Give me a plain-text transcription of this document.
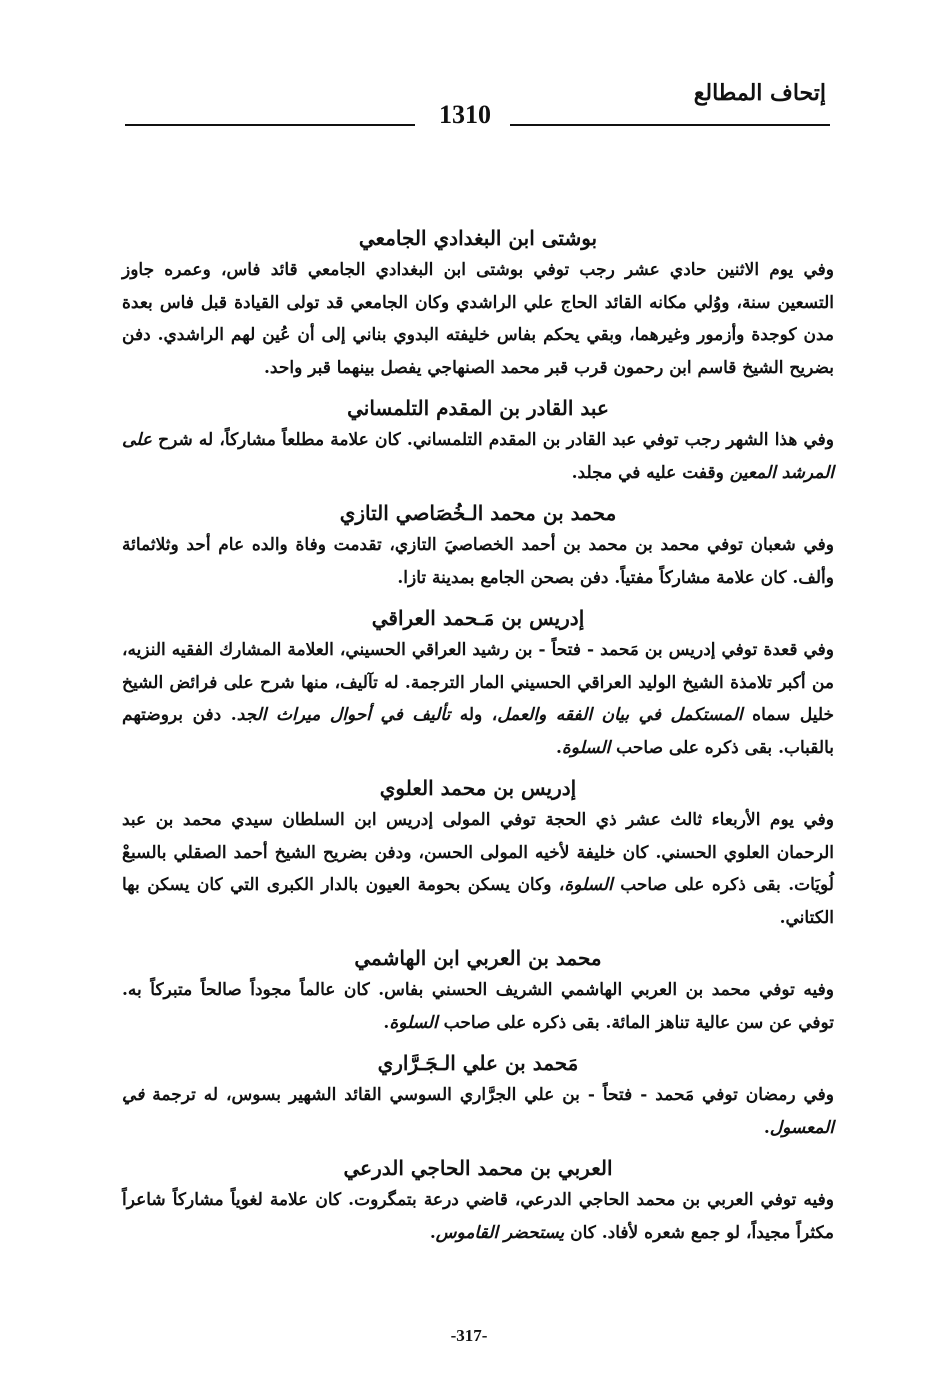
إتحاف المطالع
1310
بوشتى ابن البغدادي الجامعي

وفي يوم الاثنين حادي عشر رجب توفي بوشتى ابن البغدادي الجامعي قائد فاس، وعمره جاوز التسعين سنة، ووُلي مكانه القائد الحاج علي الراشدي وكان الجامعي قد تولى القيادة قبل فاس بعدة مدن كوجدة وأزمور وغيرهما، وبقي يحكم بفاس خليفته البدوي بناني إلى أن عُين لهم الراشدي. دفن بضريح الشيخ قاسم ابن رحمون قرب قبر محمد الصنهاجي يفصل بينهما قبر واحد.

عبد القادر بن المقدم التلمساني

وفي هذا الشهر رجب توفي عبد القادر بن المقدم التلمساني. كان علامة مطلعاً مشاركاً، له شرح على المرشد المعين وقفت عليه في مجلد.

محمد بن محمد الـخُصَاصي التازي

وفي شعبان توفي محمد بن محمد بن أحمد الخصاصيَ التازي، تقدمت وفاة والده عام أحد وثلاثمائة وألف. كان علامة مشاركاً مفتياً. دفن بصحن الجامع بمدينة تازا.

إدريس بن مَـحمد العراقي

وفي قعدة توفي إدريس بن مَحمد - فتحاً - بن رشيد العراقي الحسيني، العلامة المشارك الفقيه النزيه، من أكبر تلامذة الشيخ الوليد العراقي الحسيني المار الترجمة. له تآليف، منها شرح على فرائض الشيخ خليل سماه المستكمل في بيان الفقه والعمل، وله تأليف في أحوال ميراث الجد. دفن بروضتهم بالقباب. بقى ذكره على صاحب السلوة.

إدريس بن محمد العلوي

وفي يوم الأربعاء ثالث عشر ذي الحجة توفي المولى إدريس ابن السلطان سيدي محمد بن عبد الرحمان العلوي الحسني. كان خليفة لأخيه المولى الحسن، ودفن بضريح الشيخ أحمد الصقلي بالسبعْ لُويَات. بقى ذكره على صاحب السلوة، وكان يسكن بحومة العيون بالدار الكبرى التي كان يسكن بها الكتاني.

محمد بن العربي ابن الهاشمي

وفيه توفي محمد بن العربي الهاشمي الشريف الحسني بفاس. كان عالماً مجوداً صالحاً متبركاً به. توفي عن سن عالية تناهز المائة. بقى ذكره على صاحب السلوة.

مَحمد بن علي الـجَـرَّاري

وفي رمضان توفي مَحمد - فتحاً - بن علي الجرَّاري السوسي القائد الشهير بسوس، له ترجمة في المعسول.

العربي بن محمد الحاجي الدرعي

وفيه توفي العربي بن محمد الحاجي الدرعي، قاضي درعة بتمگروت. كان علامة لغوياً مشاركاً شاعراً مكثراً مجيداً، لو جمع شعره لأفاد. كان يستحضر القاموس.

-317-
